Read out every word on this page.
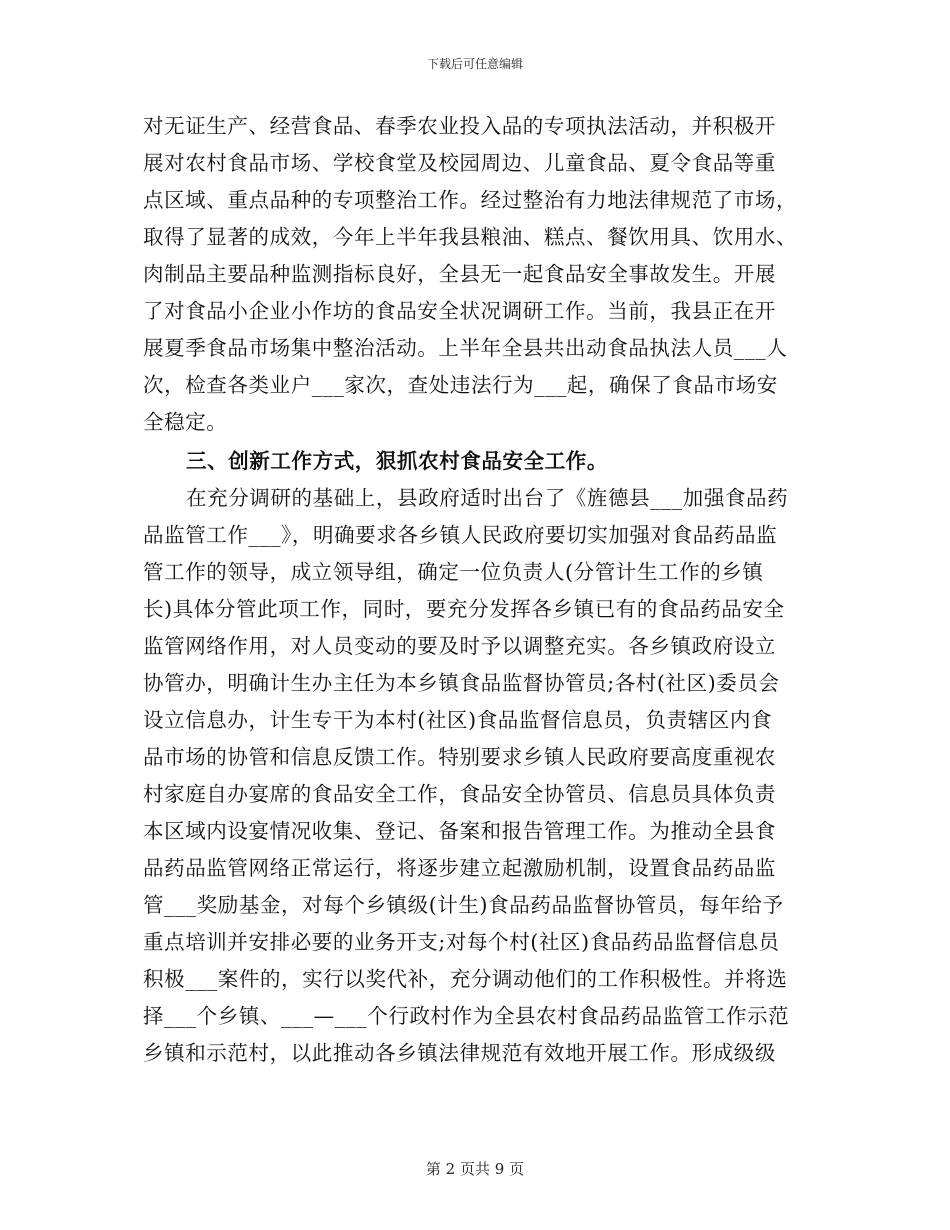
下载后可任意编辑
对无证生产、经营食品、春季农业投入品的专项执法活动，并积极开
展对农村食品市场、学校食堂及校园周边、儿童食品、夏令食品等重
点区域、重点品种的专项整治工作。经过整治有力地法律规范了市场，
取得了显著的成效，今年上半年我县粮油、糕点、餐饮用具、饮用水、
肉制品主要品种监测指标良好，全县无一起食品安全事故发生。开展
了对食品小企业小作坊的食品安全状况调研工作。当前，我县正在开
展夏季食品市场集中整治活动。上半年全县共出动食品执法人员___人
次，检查各类业户___家次，查处违法行为___起，确保了食品市场安
全稳定。
三、创新工作方式，狠抓农村食品安全工作。
在充分调研的基础上，县政府适时出台了《旌德县___加强食品药
品监管工作___》，明确要求各乡镇人民政府要切实加强对食品药品监
管工作的领导，成立领导组，确定一位负责人(分管计生工作的乡镇
长)具体分管此项工作，同时，要充分发挥各乡镇已有的食品药品安全
监管网络作用，对人员变动的要及时予以调整充实。各乡镇政府设立
协管办，明确计生办主任为本乡镇食品监督协管员;各村(社区)委员会
设立信息办，计生专干为本村(社区)食品监督信息员，负责辖区内食
品市场的协管和信息反馈工作。特别要求乡镇人民政府要高度重视农
村家庭自办宴席的食品安全工作，食品安全协管员、信息员具体负责
本区域内设宴情况收集、登记、备案和报告管理工作。为推动全县食
品药品监管网络正常运行，将逐步建立起激励机制，设置食品药品监
管___奖励基金，对每个乡镇级(计生)食品药品监督协管员，每年给予
重点培训并安排必要的业务开支;对每个村(社区)食品药品监督信息员
积极___案件的，实行以奖代补，充分调动他们的工作积极性。并将选
择___个乡镇、___—___个行政村作为全县农村食品药品监管工作示范
乡镇和示范村，以此推动各乡镇法律规范有效地开展工作。形成级级
第 2 页共 9 页
